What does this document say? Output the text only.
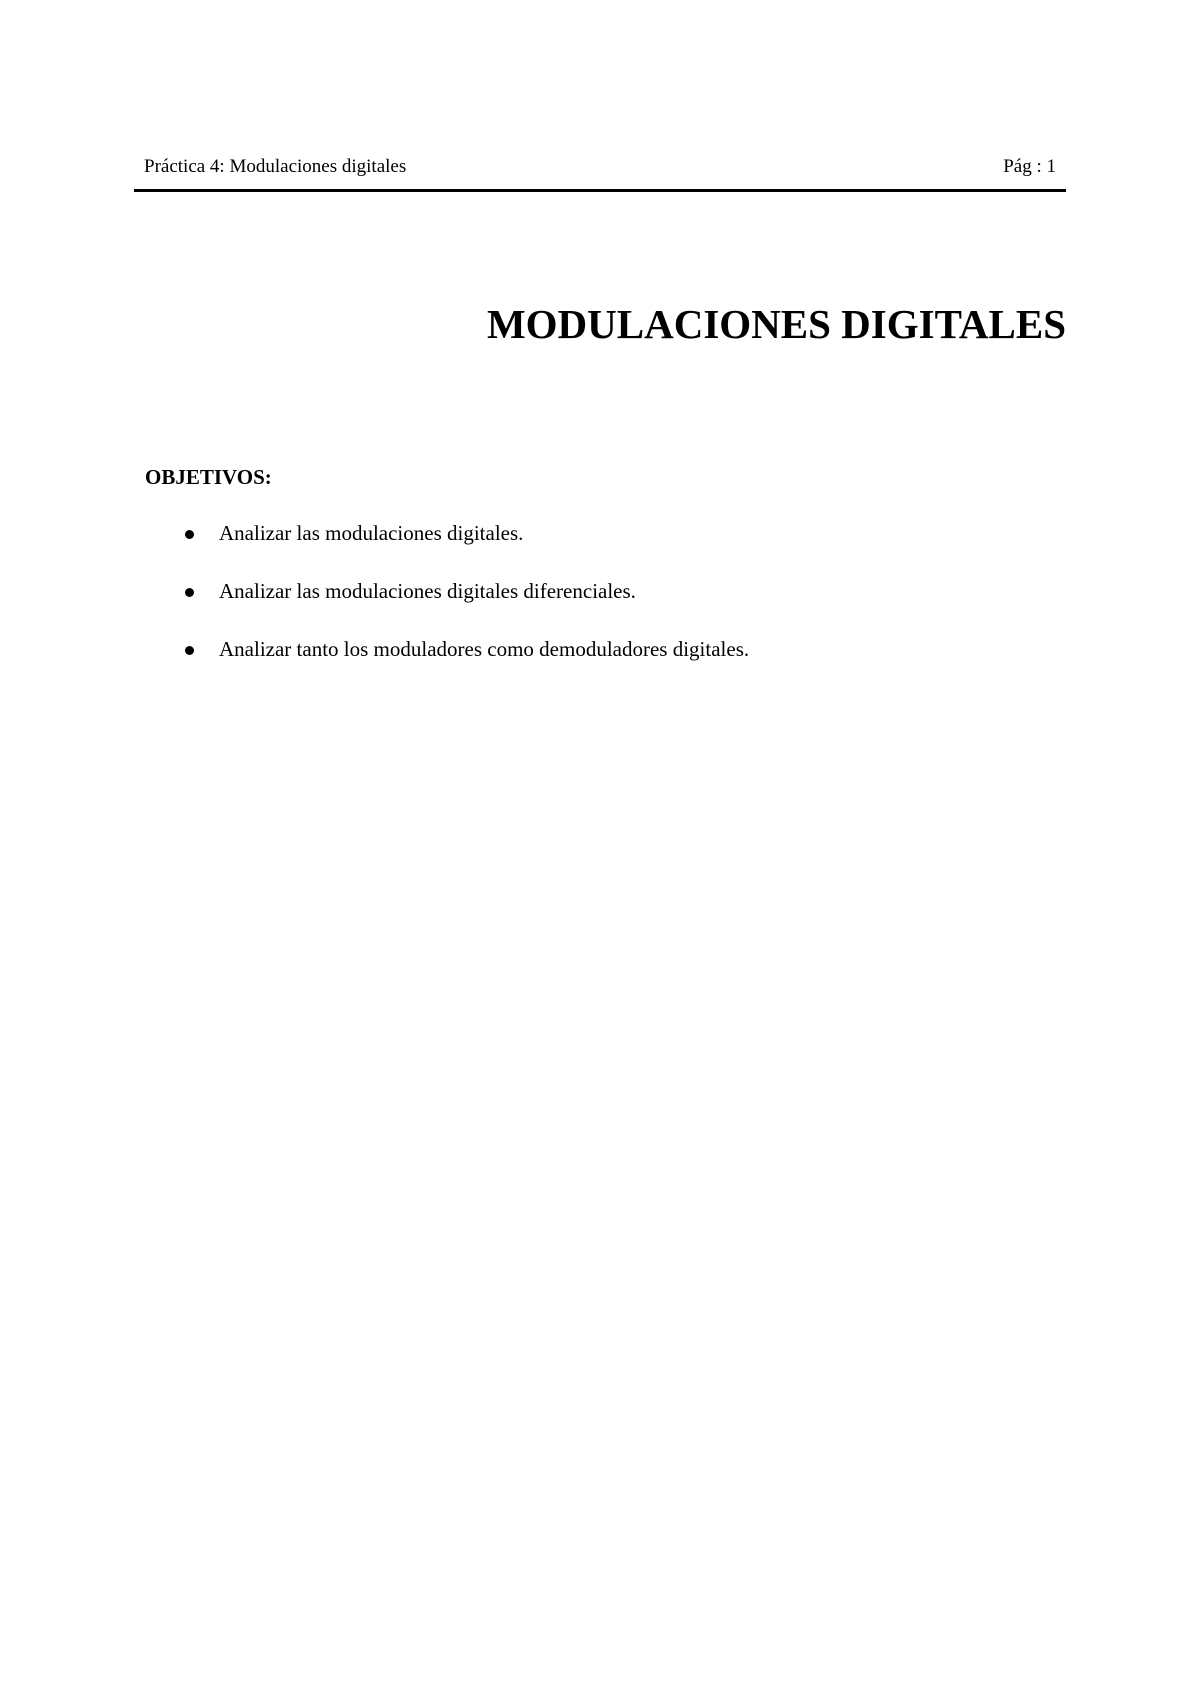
Práctica 4: Modulaciones digitales	Pág : 1
MODULACIONES DIGITALES
OBJETIVOS:
Analizar las modulaciones digitales.
Analizar las modulaciones digitales diferenciales.
Analizar tanto los moduladores como demoduladores digitales.
